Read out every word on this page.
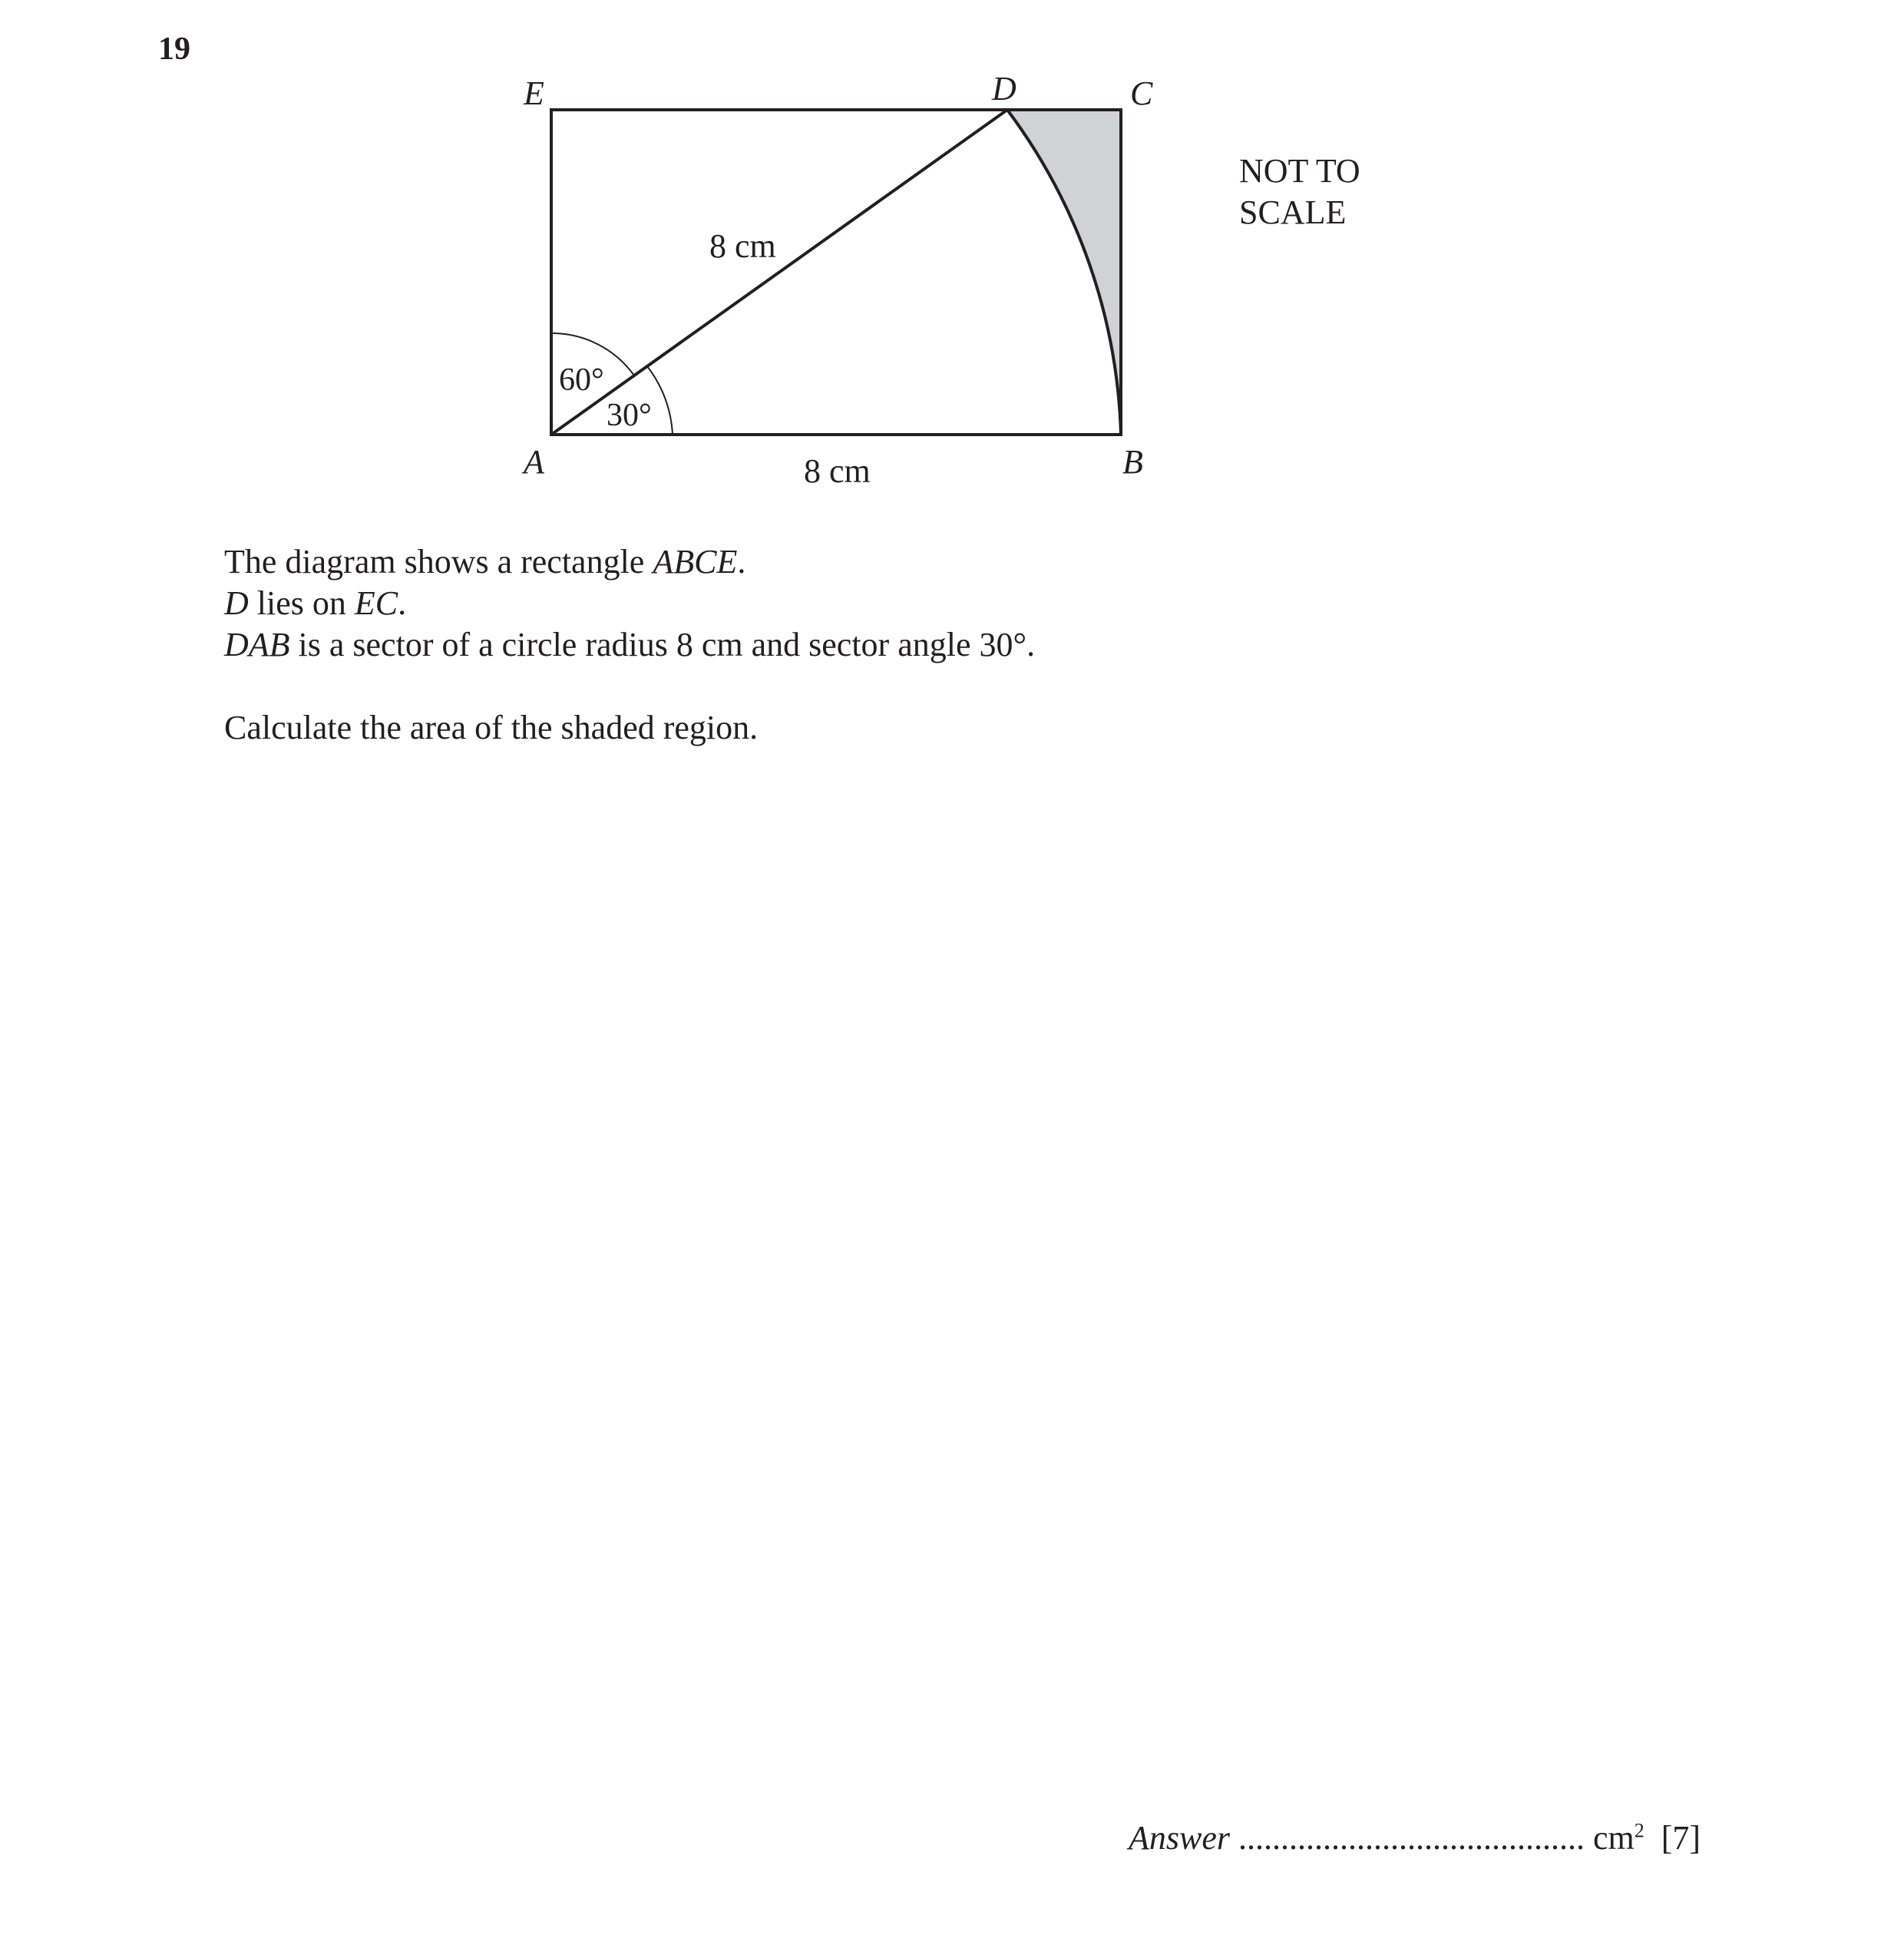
19
E	D	C
A	B
8 cm
8 cm
60°
30°
NOT TO
SCALE
The diagram shows a rectangle ABCE.
D lies on EC.
DAB is a sector of a circle radius 8 cm and sector angle 30°.
Calculate the area of the shaded region.
Answer ......................................... $cm^2$ [7]
